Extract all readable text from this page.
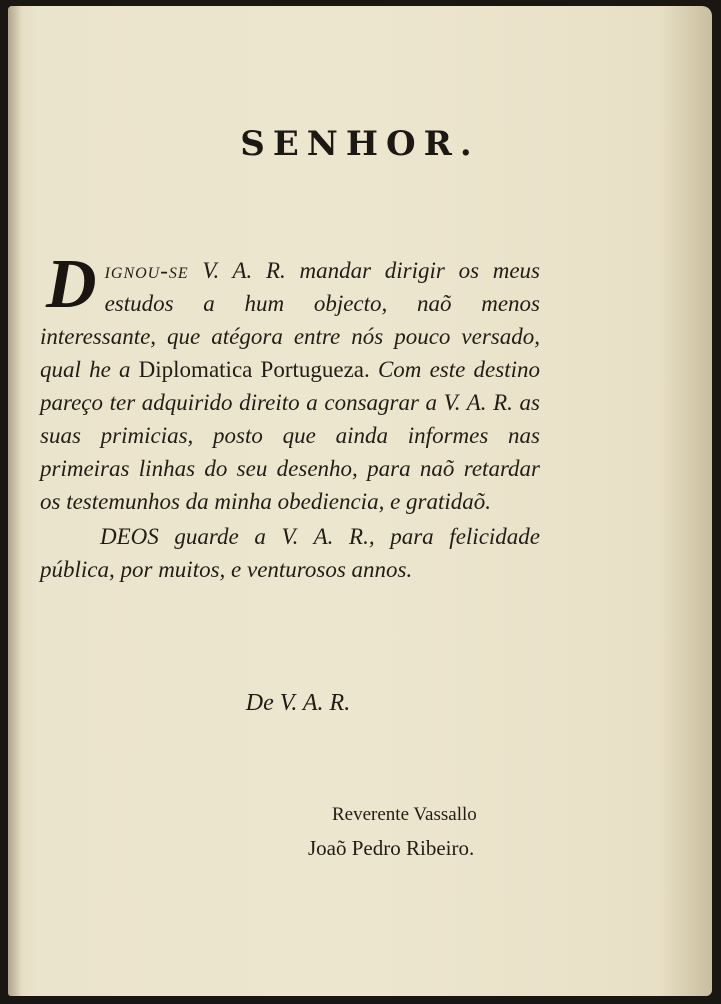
SENHOR.

Dignou-se V. A. R. mandar dirigir os meus estudos a hum objecto, naõ menos interessante, que atégora entre nós pouco versado, qual he a Diplomatica Portugueza. Com este destino pareço ter adquirido direito a consagrar a V. A. R. as suas primicias, posto que ainda informes nas primeiras linhas do seu desenho, para naõ retardar os testemunhos da minha obediencia, e gratidaõ.

DEOS guarde a V. A. R., para felicidade pública, por muitos, e venturosos annos.

De V. A. R.
Reverente Vassallo
Joaõ Pedro Ribeiro.
